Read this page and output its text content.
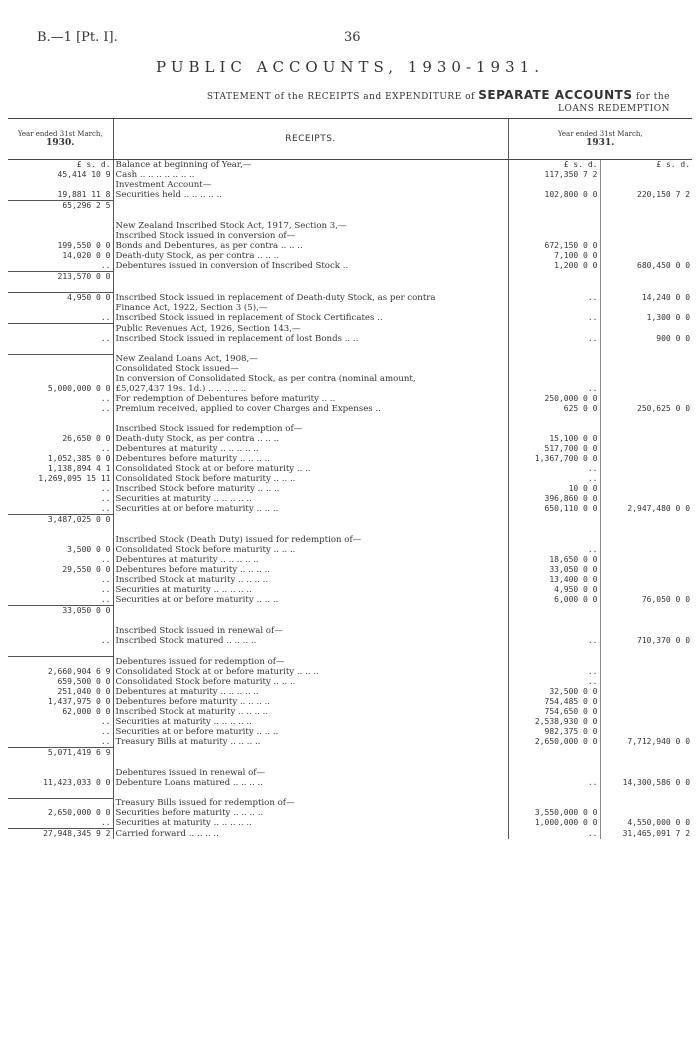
B.—1 [Pt. I].	36
PUBLIC ACCOUNTS, 1930-1931.
STATEMENT of the RECEIPTS and EXPENDITURE of SEPARATE ACCOUNTS for the
LOANS REDEMPTION
Year ended 31st March,
1930.	RECEIPTS.	Year ended 31st March,
1931.	
£ s. d.	Balance at beginning of Year,—	£ s. d.	£ s. d.
45,414 10 9	Cash .. .. .. .. .. .. ..	117,350 7 2	
	Investment Account—		
19,881 11 8	Securities held .. .. .. .. ..	102,800 0 0	220,150 7 2
65,296 2 5			

	New Zealand Inscribed Stock Act, 1917, Section 3,—		
	Inscribed Stock issued in conversion of—		
199,550 0 0	Bonds and Debentures, as per contra .. .. ..	672,150 0 0	
14,020 0 0	Death-duty Stock, as per contra .. .. ..	7,100 0 0	
..	Debentures issued in conversion of Inscribed Stock ..	1,200 0 0	680,450 0 0
213,570 0 0			

4,950 0 0	Inscribed Stock issued in replacement of Death-duty Stock, as per contra	..	14,240 0 0
	Finance Act, 1922, Section 3 (5),—		
..	Inscribed Stock issued in replacement of Stock Certificates ..	..	1,300 0 0
	Public Revenues Act, 1926, Section 143,—		
..	Inscribed Stock issued in replacement of lost Bonds .. ..	..	900 0 0

	New Zealand Loans Act, 1908,—		
	Consolidated Stock issued—		
	In conversion of Consolidated Stock, as per contra (nominal amount,		
5,000,000 0 0	£5,027,437 19s. 1d.) .. .. .. .. ..	..	
..	For redemption of Debentures before maturity .. ..	250,000 0 0	
..	Premium received, applied to cover Charges and Expenses ..	625 0 0	250,625 0 0

	Inscribed Stock issued for redemption of—		
26,650 0 0	Death-duty Stock, as per contra .. .. ..	15,100 0 0	
..	Debentures at maturity .. .. .. .. ..	517,700 0 0	
1,052,385 0 0	Debentures before maturity .. .. .. ..	1,367,700 0 0	
1,138,894 4 1	Consolidated Stock at or before maturity .. ..	..	
1,269,095 15 11	Consolidated Stock before maturity .. .. ..	..	
..	Inscribed Stock before maturity .. .. ..	10 0 0	
..	Securities at maturity .. .. .. .. ..	396,860 0 0	
..	Securities at or before maturity .. .. ..	650,110 0 0	2,947,480 0 0
3,487,025 0 0			

	Inscribed Stock (Death Duty) issued for redemption of—		
3,500 0 0	Consolidated Stock before maturity .. .. ..	..	
..	Debentures at maturity .. .. .. .. ..	18,650 0 0	
29,550 0 0	Debentures before maturity .. .. .. ..	33,050 0 0	
..	Inscribed Stock at maturity .. .. .. ..	13,400 0 0	
..	Securities at maturity .. .. .. .. ..	4,950 0 0	
..	Securities at or before maturity .. .. ..	6,000 0 0	76,050 0 0
33,050 0 0			

	Inscribed Stock issued in renewal of—		
..	Inscribed Stock matured .. .. .. ..	..	710,370 0 0

	Debentures issued for redemption of—		
2,660,904 6 9	Consolidated Stock at or before maturity .. .. ..	..	
659,500 0 0	Consolidated Stock before maturity .. .. ..	..	
251,040 0 0	Debentures at maturity .. .. .. .. ..	32,500 0 0	
1,437,975 0 0	Debentures before maturity .. .. .. ..	754,485 0 0	
62,000 0 0	Inscribed Stock at maturity .. .. .. ..	754,650 0 0	
..	Securities at maturity .. .. .. .. ..	2,538,930 0 0	
..	Securities at or before maturity .. .. ..	982,375 0 0	
..	Treasury Bills at maturity .. .. .. ..	2,650,000 0 0	7,712,940 0 0
5,071,419 6 9			

	Debentures issued in renewal of—		
11,423,033 0 0	Debenture Loans matured .. .. .. ..	..	14,300,586 0 0

	Treasury Bills issued for redemption of—		
2,650,000 0 0	Securities before maturity .. .. .. ..	3,550,000 0 0	
..	Securities at maturity .. .. .. .. ..	1,000,000 0 0	4,550,000 0 0
27,948,345 9 2	Carried forward .. .. .. ..	..	31,465,091 7 2
